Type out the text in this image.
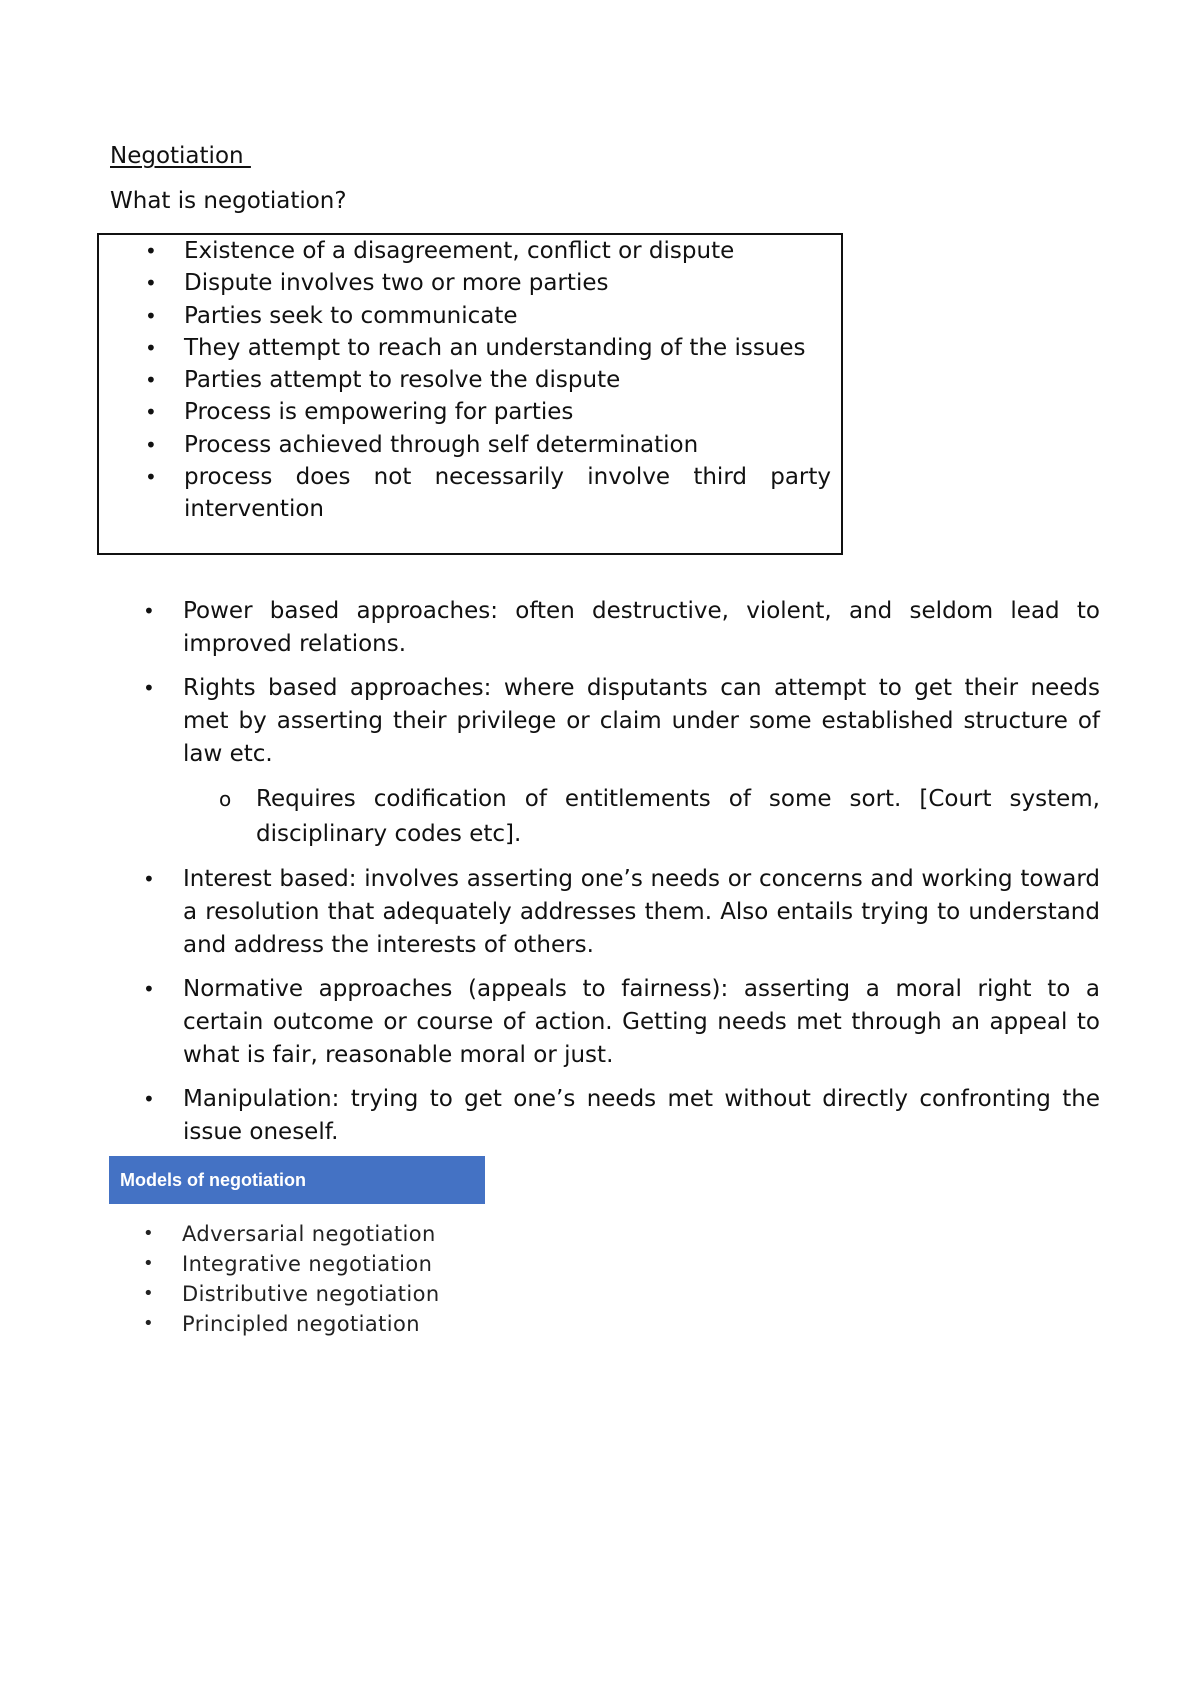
Negotiation
What is negotiation?
• Existence of a disagreement, conflict or dispute
• Dispute involves two or more parties
• Parties seek to communicate
• They attempt to reach an understanding of the issues
• Parties attempt to resolve the dispute
• Process is empowering for parties
• Process achieved through self determination
• process does not necessarily involve third party intervention
• Power based approaches: often destructive, violent, and seldom lead to improved relations.
• Rights based approaches: where disputants can attempt to get their needs met by asserting their privilege or claim under some established structure of law etc.
o Requires codification of entitlements of some sort. [Court system, disciplinary codes etc].
• Interest based: involves asserting one’s needs or concerns and working toward a resolution that adequately addresses them. Also entails trying to understand and address the interests of others.
• Normative approaches (appeals to fairness): asserting a moral right to a certain outcome or course of action. Getting needs met through an appeal to what is fair, reasonable moral or just.
• Manipulation: trying to get one’s needs met without directly confronting the issue oneself.
Models of negotiation
• Adversarial negotiation
• Integrative negotiation
• Distributive negotiation
• Principled negotiation
